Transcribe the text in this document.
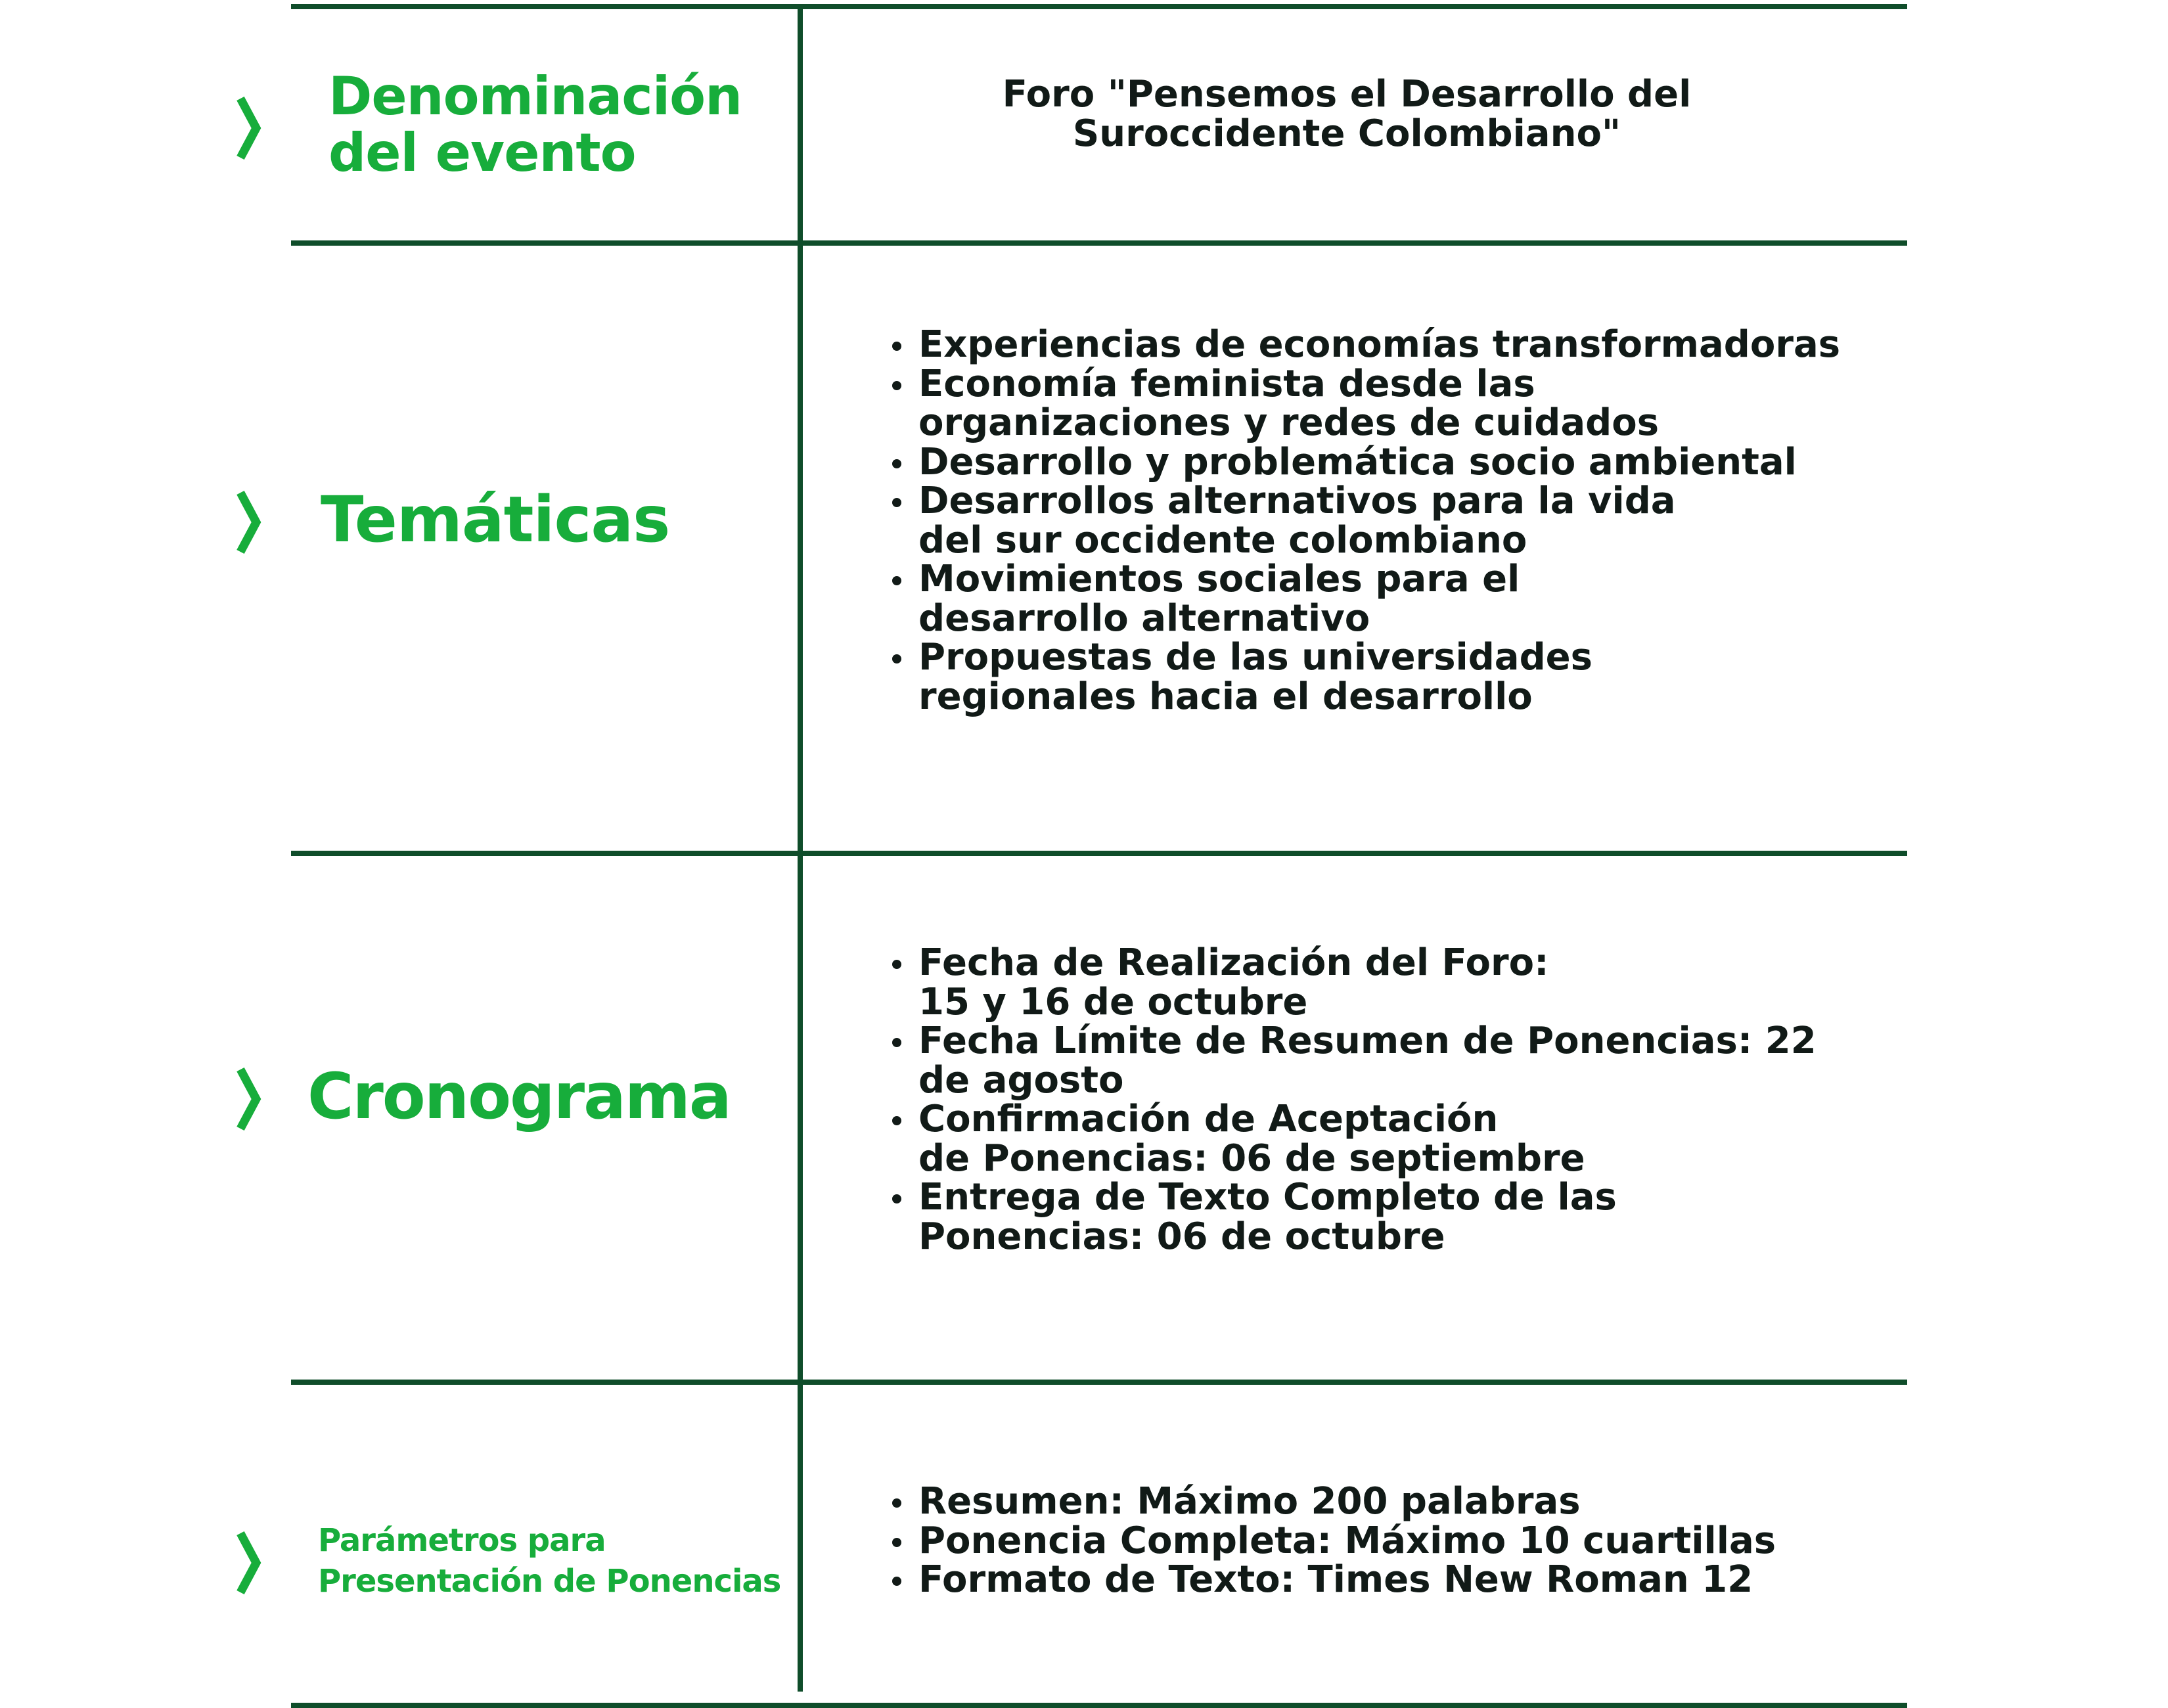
Denominación
del evento
Foro "Pensemos el Desarrollo del
Suroccidente Colombiano"
Temáticas
Experiencias de economías transformadoras
Economía feminista desde las
organizaciones y redes de cuidados
Desarrollo y problemática socio ambiental
Desarrollos alternativos para la vida
del sur occidente colombiano
Movimientos sociales para el
desarrollo alternativo
Propuestas de las universidades
regionales hacia el desarrollo
Cronograma
Fecha de Realización del Foro:
15 y 16 de octubre
Fecha Límite de Resumen de Ponencias: 22
de agosto
Confirmación de Aceptación
de Ponencias: 06 de septiembre
Entrega de Texto Completo de las
Ponencias: 06 de octubre
Parámetros para
Presentación de Ponencias
Resumen: Máximo 200 palabras
Ponencia Completa: Máximo 10 cuartillas
Formato de Texto: Times New Roman 12
